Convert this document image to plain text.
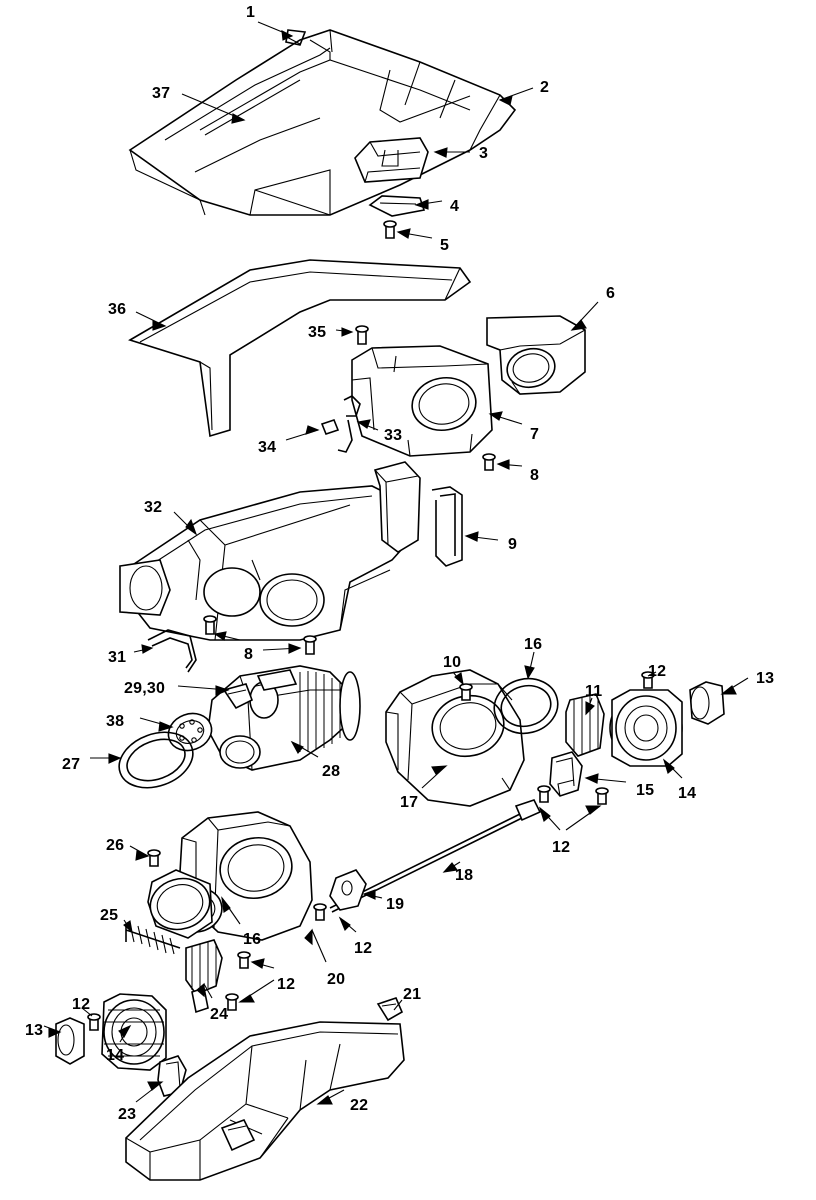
1
2
37
3
4
5
6
36
35
7
33
34
8
32
9
31	8	10
16
12	13
11
29,30
38
27	28
15 14
17
12
26
18
19
25
16
12
20
12
21
12
24
13
14
23
22
